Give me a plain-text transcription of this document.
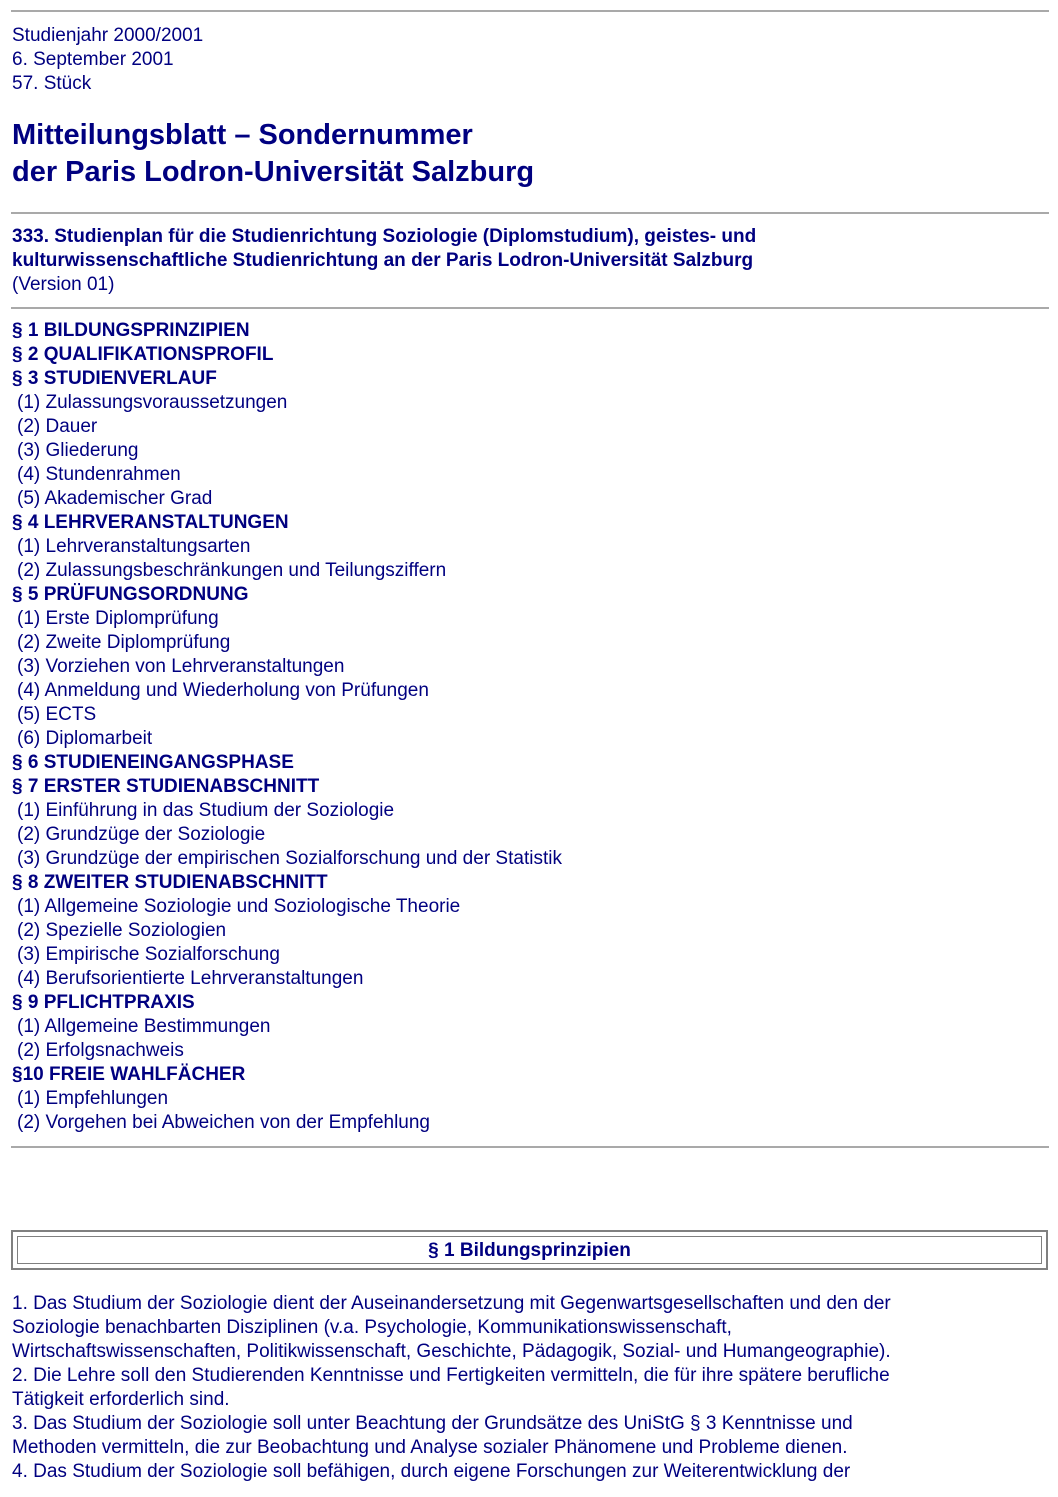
Studienjahr 2000/2001
6. September 2001
57. Stück
Mitteilungsblatt – Sondernummer
der Paris Lodron-Universität Salzburg
333. Studienplan für die Studienrichtung Soziologie (Diplomstudium), geistes- und
kulturwissenschaftliche Studienrichtung an der Paris Lodron-Universität Salzburg
(Version 01)
§ 1 BILDUNGSPRINZIPIEN
§ 2 QUALIFIKATIONSPROFIL
§ 3 STUDIENVERLAUF
(1) Zulassungsvoraussetzungen
(2) Dauer
(3) Gliederung
(4) Stundenrahmen
(5) Akademischer Grad
§ 4 LEHRVERANSTALTUNGEN
(1) Lehrveranstaltungsarten
(2) Zulassungsbeschränkungen und Teilungsziffern
§ 5 PRÜFUNGSORDNUNG
(1) Erste Diplomprüfung
(2) Zweite Diplomprüfung
(3) Vorziehen von Lehrveranstaltungen
(4) Anmeldung und Wiederholung von Prüfungen
(5) ECTS
(6) Diplomarbeit
§ 6 STUDIENEINGANGSPHASE
§ 7 ERSTER STUDIENABSCHNITT
(1) Einführung in das Studium der Soziologie
(2) Grundzüge der Soziologie
(3) Grundzüge der empirischen Sozialforschung und der Statistik
§ 8 ZWEITER STUDIENABSCHNITT
(1) Allgemeine Soziologie und Soziologische Theorie
(2) Spezielle Soziologien
(3) Empirische Sozialforschung
(4) Berufsorientierte Lehrveranstaltungen
§ 9 PFLICHTPRAXIS
(1) Allgemeine Bestimmungen
(2) Erfolgsnachweis
§10 FREIE WAHLFÄCHER
(1) Empfehlungen
(2) Vorgehen bei Abweichen von der Empfehlung
§ 1 Bildungsprinzipien

1. Das Studium der Soziologie dient der Auseinandersetzung mit Gegenwartsgesellschaften und den der

Soziologie benachbarten Disziplinen (v.a. Psychologie, Kommunikationswissenschaft,

Wirtschaftswissenschaften, Politikwissenschaft, Geschichte, Pädagogik, Sozial- und Humangeographie).

2. Die Lehre soll den Studierenden Kenntnisse und Fertigkeiten vermitteln, die für ihre spätere berufliche

Tätigkeit erforderlich sind.

3. Das Studium der Soziologie soll unter Beachtung der Grundsätze des UniStG § 3 Kenntnisse und

Methoden vermitteln, die zur Beobachtung und Analyse sozialer Phänomene und Probleme dienen.

4. Das Studium der Soziologie soll befähigen, durch eigene Forschungen zur Weiterentwicklung der
